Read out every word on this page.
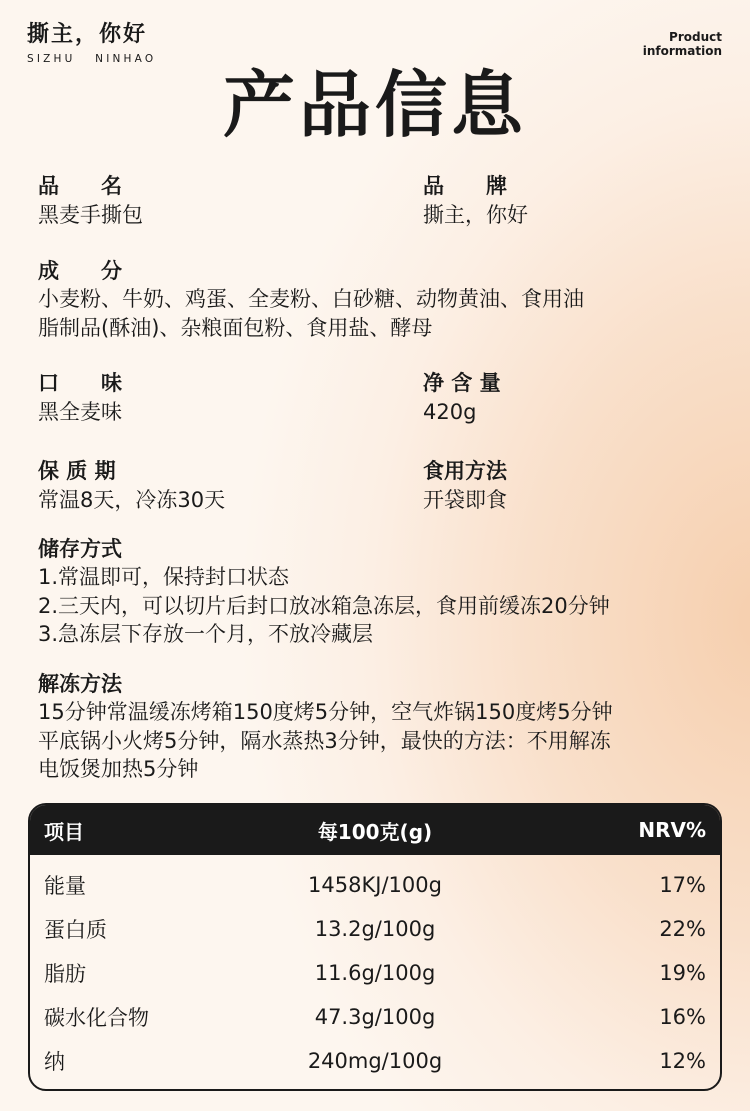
撕主，你好
SIZHU   NINHAO
Product
information
产品信息
品　　名
黑麦手撕包
品　　牌
撕主，你好
成　　分
小麦粉、牛奶、鸡蛋、全麦粉、白砂糖、动物黄油、食用油
脂制品(酥油)、杂粮面包粉、食用盐、酵母
口　　味
黑全麦味
净 含 量
420g
保 质 期
常温8天，冷冻30天
食用方法
开袋即食
储存方式
1.常温即可，保持封口状态
2.三天内，可以切片后封口放冰箱急冻层，食用前缓冻20分钟
3.急冻层下存放一个月，不放冷藏层
解冻方法
15分钟常温缓冻烤箱150度烤5分钟，空气炸锅150度烤5分钟
平底锅小火烤5分钟，隔水蒸热3分钟，最快的方法：不用解冻
电饭煲加热5分钟
项目	每100克(g)	NRV%
能量	1458KJ/100g	17%
蛋白质	13.2g/100g	22%
脂肪	11.6g/100g	19%
碳水化合物	47.3g/100g	16%
纳	240mg/100g	12%
